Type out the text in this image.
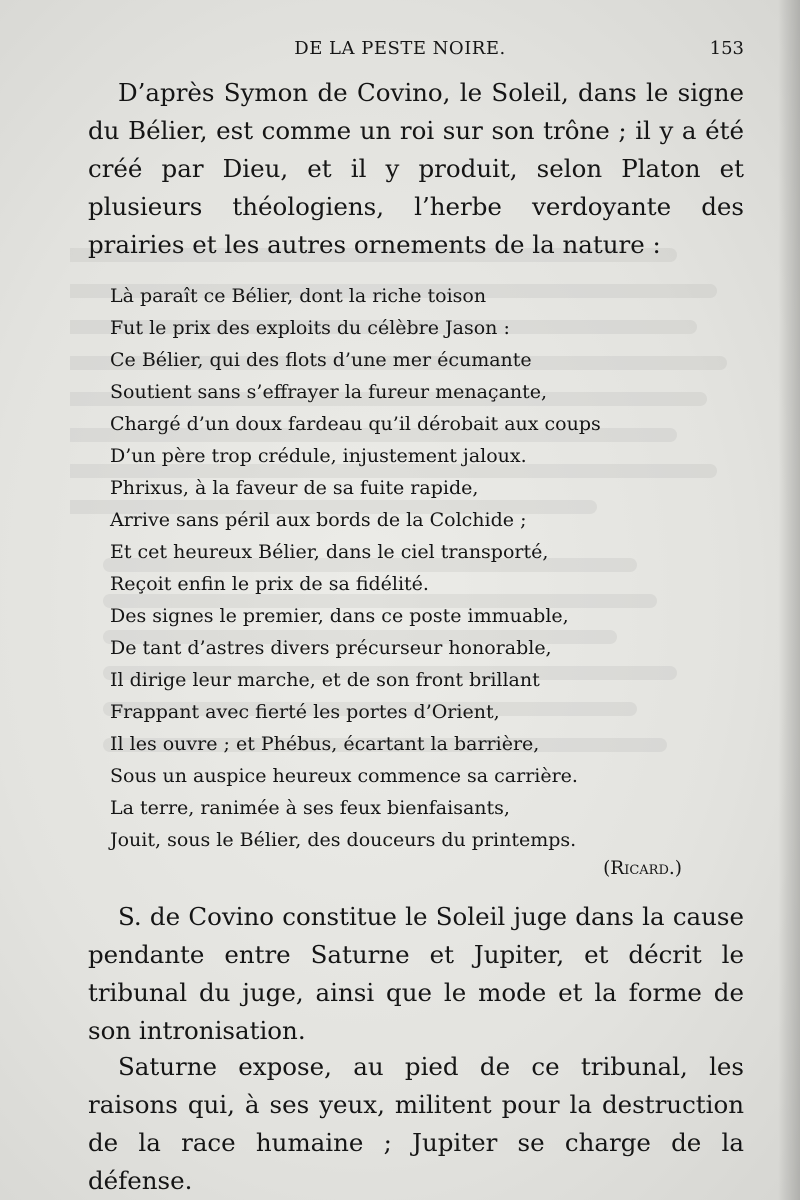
DE LA PESTE NOIRE.	153

D’après Symon de Covino, le Soleil, dans le signe du Bélier, est comme un roi sur son trône ; il y a été créé par Dieu, et il y produit, selon Platon et plusieurs théologiens, l’herbe verdoyante des prairies et les autres ornements de la nature :

Là paraît ce Bélier, dont la riche toison
Fut le prix des exploits du célèbre Jason :
Ce Bélier, qui des flots d’une mer écumante
Soutient sans s’effrayer la fureur menaçante,
Chargé d’un doux fardeau qu’il dérobait aux coups
D’un père trop crédule, injustement jaloux.
Phrixus, à la faveur de sa fuite rapide,
Arrive sans péril aux bords de la Colchide ;
Et cet heureux Bélier, dans le ciel transporté,
Reçoit enfin le prix de sa fidélité.
Des signes le premier, dans ce poste immuable,
De tant d’astres divers précurseur honorable,
Il dirige leur marche, et de son front brillant
Frappant avec fierté les portes d’Orient,
Il les ouvre ; et Phébus, écartant la barrière,
Sous un auspice heureux commence sa carrière.
La terre, ranimée à ses feux bienfaisants,
Jouit, sous le Bélier, des douceurs du printemps.
(Ricard.)

S. de Covino constitue le Soleil juge dans la cause pendante entre Saturne et Jupiter, et décrit le tribunal du juge, ainsi que le mode et la forme de son intronisation.

Saturne expose, au pied de ce tribunal, les raisons qui, à ses yeux, militent pour la destruction de la race humaine ; Jupiter se charge de la défense.
